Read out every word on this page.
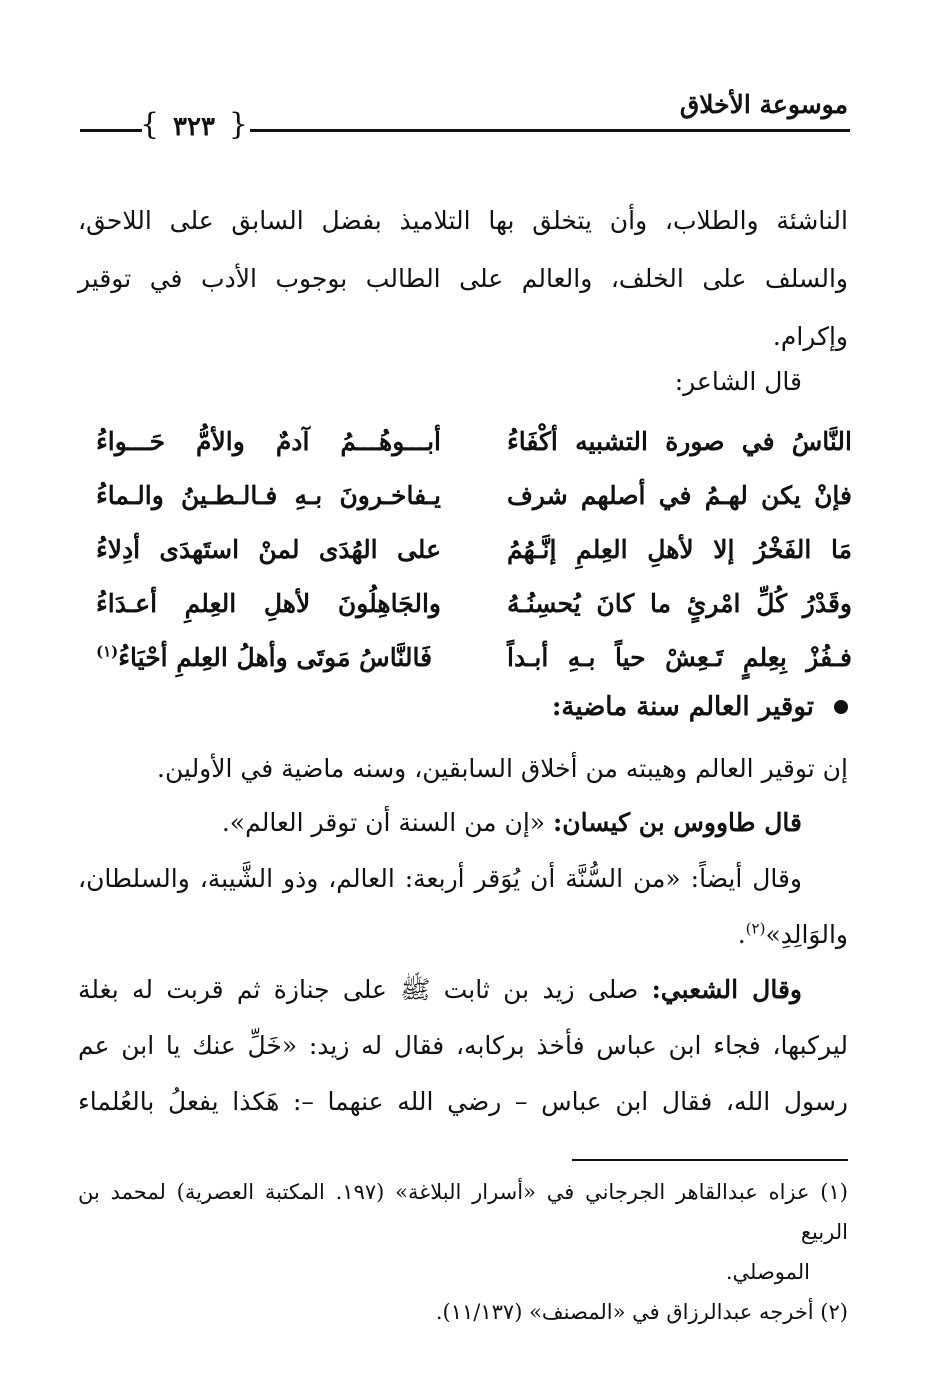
موسوعة الأخلاق
{ ٣٢٣ }
الناشئة والطلاب، وأن يتخلق بها التلاميذ بفضل السابق على اللاحق،
والسلف على الخلف، والعالم على الطالب بوجوب الأدب في توقير
وإكرام.
قال الشاعر:
النَّاسُ في صورة التشبيه أكْفَاءُ
أبـــوهُـــمُ آدمٌ والأمُّ حَـــواءُ
فإنْ يكن لهـمُ في أصلهم شرف
يـفاخـرونَ بـهِ فـالـطـينُ والـماءُ
مَا الفَخْرُ إلا لأهلِ العِلمِ إنَّـهُمُ
على الهُدَى لمنْ استَهدَى أدِلاءُ
وقَدْرُ كُلِّ امْرئٍ ما كانَ يُحسِنُـهُ
والجَاهِلُونَ لأهلِ العِلمِ أعـدَاءُ
فـفُزْ بِعِلمٍ تَـعِشْ حياً بـهِ أبـداً
فَالنَّاسُ مَوتَى وأهلُ العِلمِ أحْيَاءُ$^{(١)}$
توقير العالم سنة ماضية:
إن توقير العالم وهيبته من أخلاق السابقين، وسنه ماضية في الأولين.
قال طاووس بن كيسان: «إن من السنة أن توقر العالم».
وقال أيضاً: «من السُّنَّة أن يُوَقر أربعة: العالم، وذو الشَّيبة، والسلطان،
والوَالِدِ»$^{(٢)}$.
وقال الشعبي: صلى زيد بن ثابت ﷺ على جنازة ثم قربت له بغلة
ليركبها، فجاء ابن عباس فأخذ بركابه، فقال له زيد: «خَلِّ عنك يا ابن عم
رسول الله، فقال ابن عباس – رضي الله عنهما –: هَكذا يفعلُ بالعُلماء
(١) عزاه عبدالقاهر الجرجاني في «أسرار البلاغة» (١٩٧. المكتبة العصرية) لمحمد بن الربيع
الموصلي.
(٢) أخرجه عبدالرزاق في «المصنف» (١١/١٣٧).
